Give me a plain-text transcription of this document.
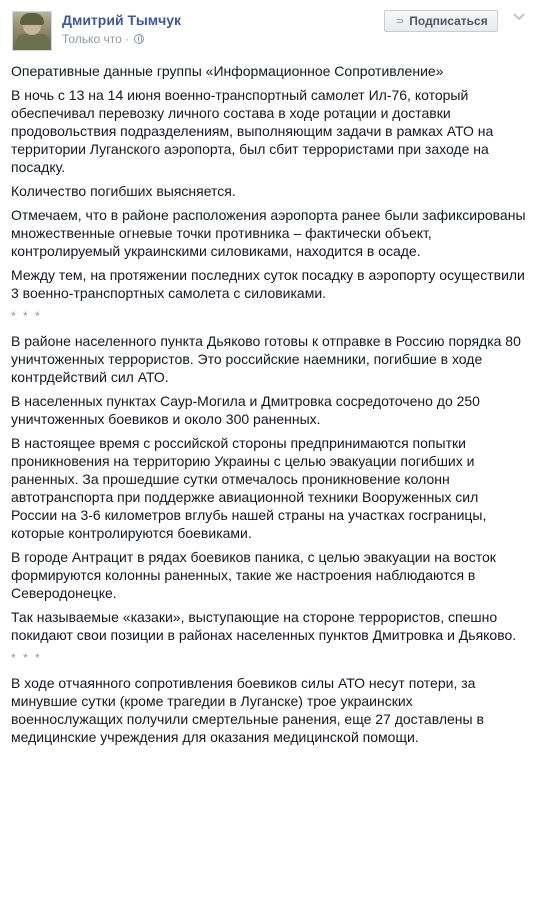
Дмитрий Тымчук
Только что ·
⸧ Подписаться

Оперативные данные группы «Информационное Сопротивление»

В ночь с 13 на 14 июня военно-транспортный самолет Ил-76, который обеспечивал перевозку личного состава в ходе ротации и доставки продовольствия подразделениям, выполняющим задачи в рамках АТО на территории Луганского аэропорта, был сбит террористами при заходе на посадку.

Количество погибших выясняется.

Отмечаем, что в районе расположения аэропорта ранее были зафиксированы множественные огневые точки противника – фактически объект, контролируемый украинскими силовиками, находится в осаде.

Между тем, на протяжении последних суток посадку в аэропорту осуществили 3 военно-транспортных самолета с силовиками.

* * *

В районе населенного пункта Дьяково готовы к отправке в Россию порядка 80 уничтоженных террористов. Это российские наемники, погибшие в ходе контрдействий сил АТО.

В населенных пунктах Саур-Могила и Дмитровка сосредоточено до 250 уничтоженных боевиков и около 300 раненных.

В настоящее время с российской стороны предпринимаются попытки проникновения на территорию Украины с целью эвакуации погибших и раненных. За прошедшие сутки отмечалось проникновение колонн автотранспорта при поддержке авиационной техники Вооруженных сил России на 3-6 километров вглубь нашей страны на участках госграницы, которые контролируются боевиками.

В городе Антрацит в рядах боевиков паника, с целью эвакуации на восток формируются колонны раненных, такие же настроения наблюдаются в Северодонецке.

Так называемые «казаки», выступающие на стороне террористов, спешно покидают свои позиции в районах населенных пунктов Дмитровка и Дьяково.

* * *

В ходе отчаянного сопротивления боевиков силы АТО несут потери, за минувшие сутки (кроме трагедии в Луганске) трое украинских военнослужащих получили смертельные ранения, еще 27 доставлены в медицинские учреждения для оказания медицинской помощи.
